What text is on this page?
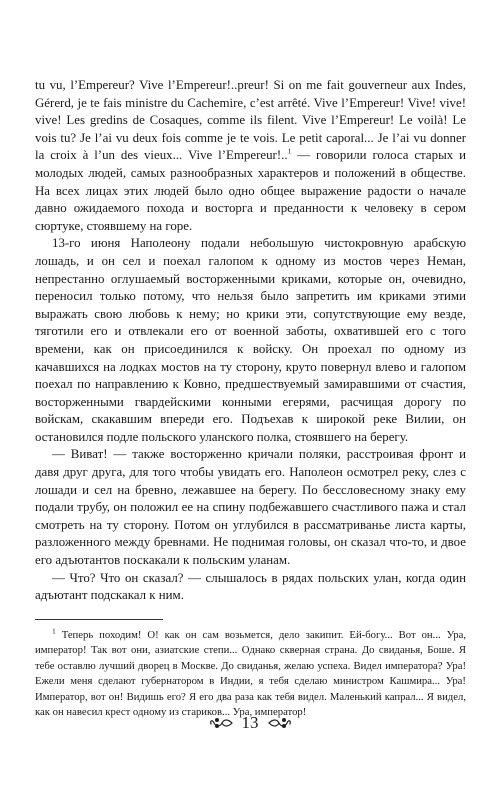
tu vu, l’Empereur? Vive l’Empereur!..preur! Si on me fait gouverneur aux Indes, Gérerd, je te fais ministre du Cachemire, c’est arrêté. Vive l’Empereur! Vive! vive! vive! Les gredins de Cosaques, comme ils filent. Vive l’Empereur! Le voilà! Le vois tu? Je l’ai vu deux fois comme je te vois. Le petit caporal... Je l’ai vu donner la croix à l’un des vieux... Vive l’Empereur!..$^1$ — говорили голоса старых и молодых людей, самых разнообразных характеров и положений в обществе. На всех лицах этих людей было одно общее выражение радости о начале давно ожидаемого похода и восторга и преданности к человеку в сером сюртуке, стоявшему на горе.

13-го июня Наполеону подали небольшую чистокровную арабскую лошадь, и он сел и поехал галопом к одному из мостов через Неман, непрестанно оглушаемый восторженными криками, которые он, очевидно, переносил только потому, что нельзя было запретить им криками этими выражать свою любовь к нему; но крики эти, сопутствующие ему везде, тяготили его и отвлекали его от военной заботы, охватившей его с того времени, как он присоединился к войску. Он проехал по одному из качавшихся на лодках мостов на ту сторону, круто повернул влево и галопом поехал по направлению к Ковно, предшествуемый замиравшими от счастия, восторженными гвардейскими конными егерями, расчищая дорогу по войскам, скакавшим впереди его. Подъехав к широкой реке Вилии, он остановился подле польского уланского полка, стоявшего на берегу.

— Виват! — также восторженно кричали поляки, расстроивая фронт и давя друг друга, для того чтобы увидать его. Наполеон осмотрел реку, слез с лошади и сел на бревно, лежавшее на берегу. По бессловесному знаку ему подали трубу, он положил ее на спину подбежавшего счастливого пажа и стал смотреть на ту сторону. Потом он углубился в рассматриванье листа карты, разложенного между бревнами. Не поднимая головы, он сказал что-то, и двое его адъютантов поскакали к польским уланам.

— Что? Что он сказал? — слышалось в рядах польских улан, когда один адъютант подскакал к ним.

$^1$ Теперь походим! О! как он сам возьмется, дело закипит. Ей-богу... Вот он... Ура, император! Так вот они, азиатские степи... Однако скверная страна. До свиданья, Боше. Я тебе оставлю лучший дворец в Москве. До свиданья, желаю успеха. Видел императора? Ура! Ежели меня сделают губернатором в Индии, я тебя сделаю министром Кашмира... Ура! Император, вот он! Видишь его? Я его два раза как тебя видел. Маленький капрал... Я видел, как он навесил крест одному из стариков... Ура, император!

13
